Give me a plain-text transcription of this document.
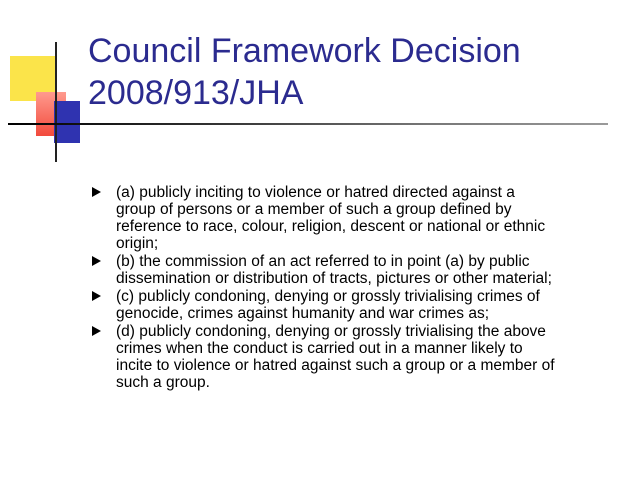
Council Framework Decision
2008/913/JHA
(a) publicly inciting to violence or hatred directed against a
group of persons or a member of such a group defined by
reference to race, colour, religion, descent or national or ethnic
origin;
(b) the commission of an act referred to in point (a) by public
dissemination or distribution of tracts, pictures or other material;
(c) publicly condoning, denying or grossly trivialising crimes of
genocide, crimes against humanity and war crimes as;
(d) publicly condoning, denying or grossly trivialising the above
crimes when the conduct is carried out in a manner likely to
incite to violence or hatred against such a group or a member of
such a group.
